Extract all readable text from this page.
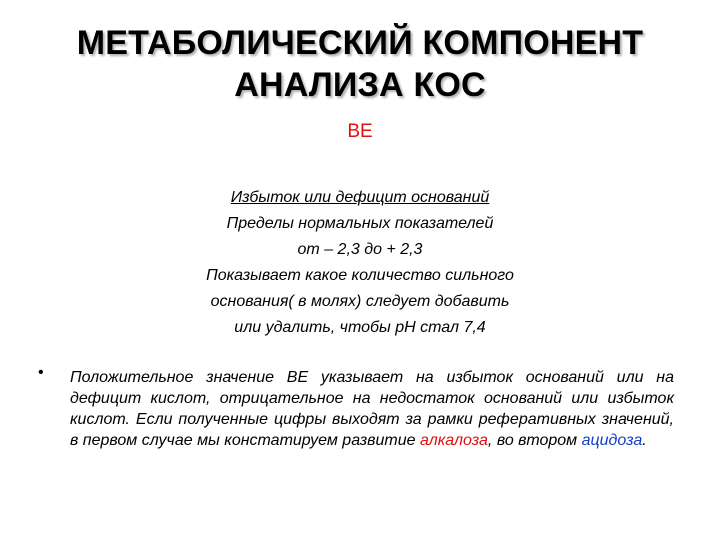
МЕТАБОЛИЧЕСКИЙ КОМПОНЕНТ
АНАЛИЗА КОС
BE
Избыток или дефицит оснований
Пределы нормальных показателей
от – 2,3 до + 2,3
Показывает какое количество сильного
основания( в молях) следует добавить
или удалить, чтобы pH стал 7,4
• Положительное значение ВЕ указывает на избыток оснований или на дефицит кислот, отрицательное на недостаток оснований или избыток кислот. Если полученные цифры выходят за рамки реферативных значений, в первом случае мы констатируем развитие алкалоза, во втором ацидоза.
